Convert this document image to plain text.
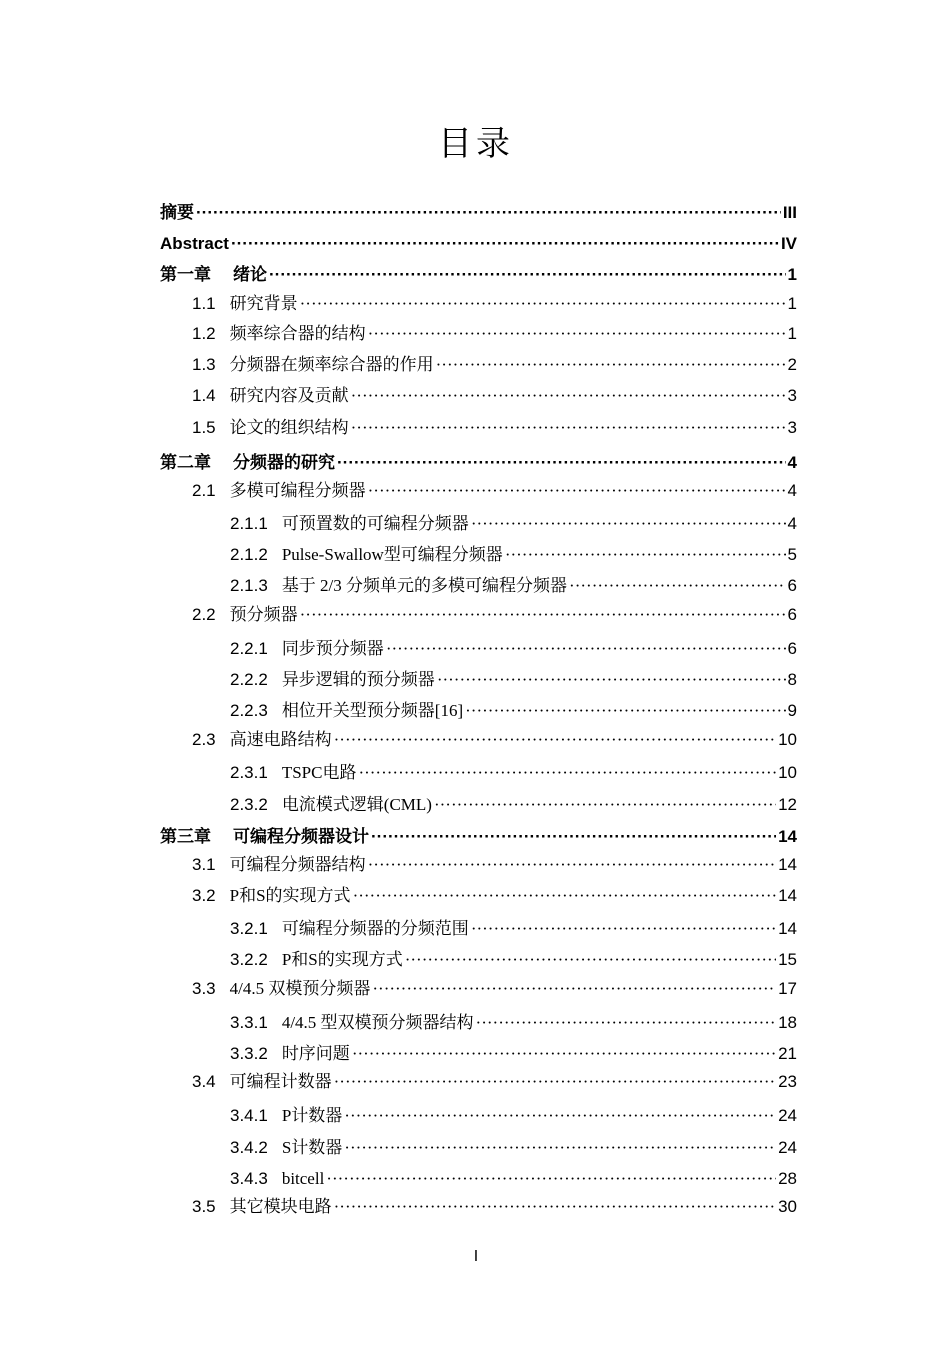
目录
摘要 ·····	III
Abstract ·····	IV
第一章 绪论 ·····	1
1.1 研究背景 ·····	1
1.2 频率综合器的结构 ·····	1
1.3 分频器在频率综合器的作用 ·····	2
1.4 研究内容及贡献 ·····	3
1.5 论文的组织结构 ·····	3
第二章 分频器的研究 ·····	4
2.1 多模可编程分频器 ·····	4
2.1.1 可预置数的可编程分频器 ·····	4
2.1.2 Pulse-Swallow型可编程分频器 ·····	5
2.1.3 基于 2/3 分频单元的多模可编程分频器 ·····	6
2.2 预分频器 ·····	6
2.2.1 同步预分频器 ·····	6
2.2.2 异步逻辑的预分频器 ·····	8
2.2.3 相位开关型预分频器[16] ·····	9
2.3 高速电路结构 ·····	10
2.3.1 TSPC电路 ·····	10
2.3.2 电流模式逻辑(CML) ·····	12
第三章 可编程分频器设计 ·····	14
3.1 可编程分频器结构 ·····	14
3.2 P和S的实现方式 ·····	14
3.2.1 可编程分频器的分频范围 ·····	14
3.2.2 P和S的实现方式 ·····	15
3.3 4/4.5 双模预分频器 ·····	17
3.3.1 4/4.5 型双模预分频器结构 ·····	18
3.3.2 时序问题 ·····	21
3.4 可编程计数器 ·····	23
3.4.1 P计数器 ·····	24
3.4.2 S计数器 ·····	24
3.4.3 bitcell ·····	28
3.5 其它模块电路 ·····	30
I
